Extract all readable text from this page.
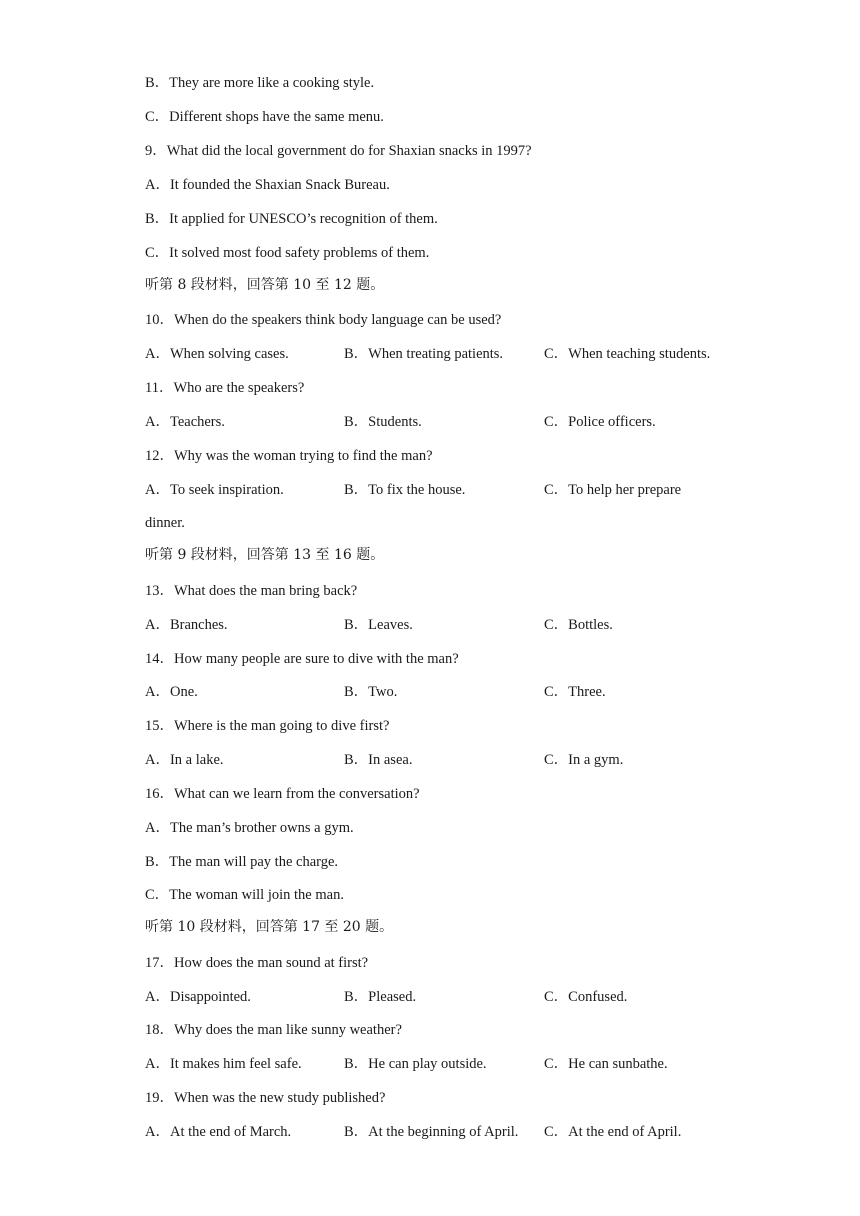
B．They are more like a cooking style.
C．Different shops have the same menu.
9．What did the local government do for Shaxian snacks in 1997?
A．It founded the Shaxian Snack Bureau.
B．It applied for UNESCO’s recognition of them.
C．It solved most food safety problems of them.
听第 8 段材料，回答第 10 至 12 题。
10．When do the speakers think body language can be used?
A．When solving cases.	B．When treating patients.	C．When teaching students.
11．Who are the speakers?
A．Teachers.	B．Students.	C．Police officers.
12．Why was the woman trying to find the man?
A．To seek inspiration.	B．To fix the house.	C．To help her prepare
dinner.
听第 9 段材料，回答第 13 至 16 题。
13．What does the man bring back?
A．Branches.	B．Leaves.	C．Bottles.
14．How many people are sure to dive with the man?
A．One.	B．Two.	C．Three.
15．Where is the man going to dive first?
A．In a lake.	B．In asea.	C．In a gym.
16．What can we learn from the conversation?
A．The man’s brother owns a gym.
B．The man will pay the charge.
C．The woman will join the man.
听第 10 段材料，回答第 17 至 20 题。
17．How does the man sound at first?
A．Disappointed.	B．Pleased.	C．Confused.
18．Why does the man like sunny weather?
A．It makes him feel safe.	B．He can play outside.	C．He can sunbathe.
19．When was the new study published?
A．At the end of March.	B．At the beginning of April. C．At the end of April.
